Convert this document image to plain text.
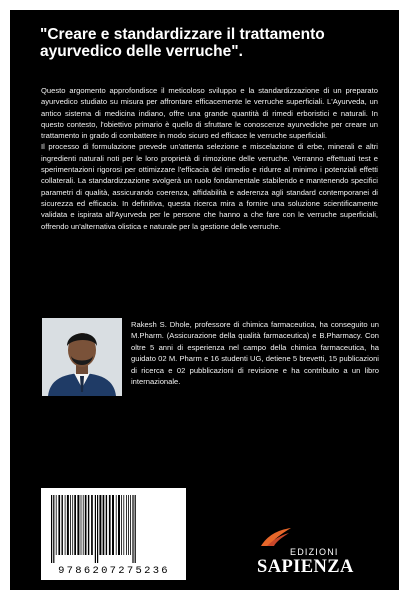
"Creare e standardizzare il trattamento ayurvedico delle verruche".

Questo argomento approfondisce il meticoloso sviluppo e la standardizzazione di un preparato ayurvedico studiato su misura per affrontare efficacemente le verruche superficiali. L'Ayurveda, un antico sistema di medicina indiano, offre una grande quantità di rimedi erboristici e naturali. In questo contesto, l'obiettivo primario è quello di sfruttare le conoscenze ayurvediche per creare un trattamento in grado di combattere in modo sicuro ed efficace le verruche superficiali.

Il processo di formulazione prevede un'attenta selezione e miscelazione di erbe, minerali e altri ingredienti naturali noti per le loro proprietà di rimozione delle verruche. Verranno effettuati test e sperimentazioni rigorosi per ottimizzare l'efficacia del rimedio e ridurre al minimo i potenziali effetti collaterali. La standardizzazione svolgerà un ruolo fondamentale stabilendo e mantenendo specifici parametri di qualità, assicurando coerenza, affidabilità e aderenza agli standard contemporanei di sicurezza ed efficacia. In definitiva, questa ricerca mira a fornire una soluzione scientificamente validata e ispirata all'Ayurveda per le persone che hanno a che fare con le verruche superficiali, offrendo un'alternativa olistica e naturale per la gestione delle verruche.

Rakesh S. Dhole, professore di chimica farmaceutica, ha conseguito un M.Pharm. (Assicurazione della qualità farmaceutica) e B.Pharmacy. Con oltre 5 anni di esperienza nel campo della chimica farmaceutica, ha guidato 02 M. Pharm e 16 studenti UG, detiene 5 brevetti, 15 publicazioni di ricerca e 02 pubblicazioni di revisione e ha contribuito a un libro internazionale.
9786207275236
EDIZIONI
SAPIENZA
